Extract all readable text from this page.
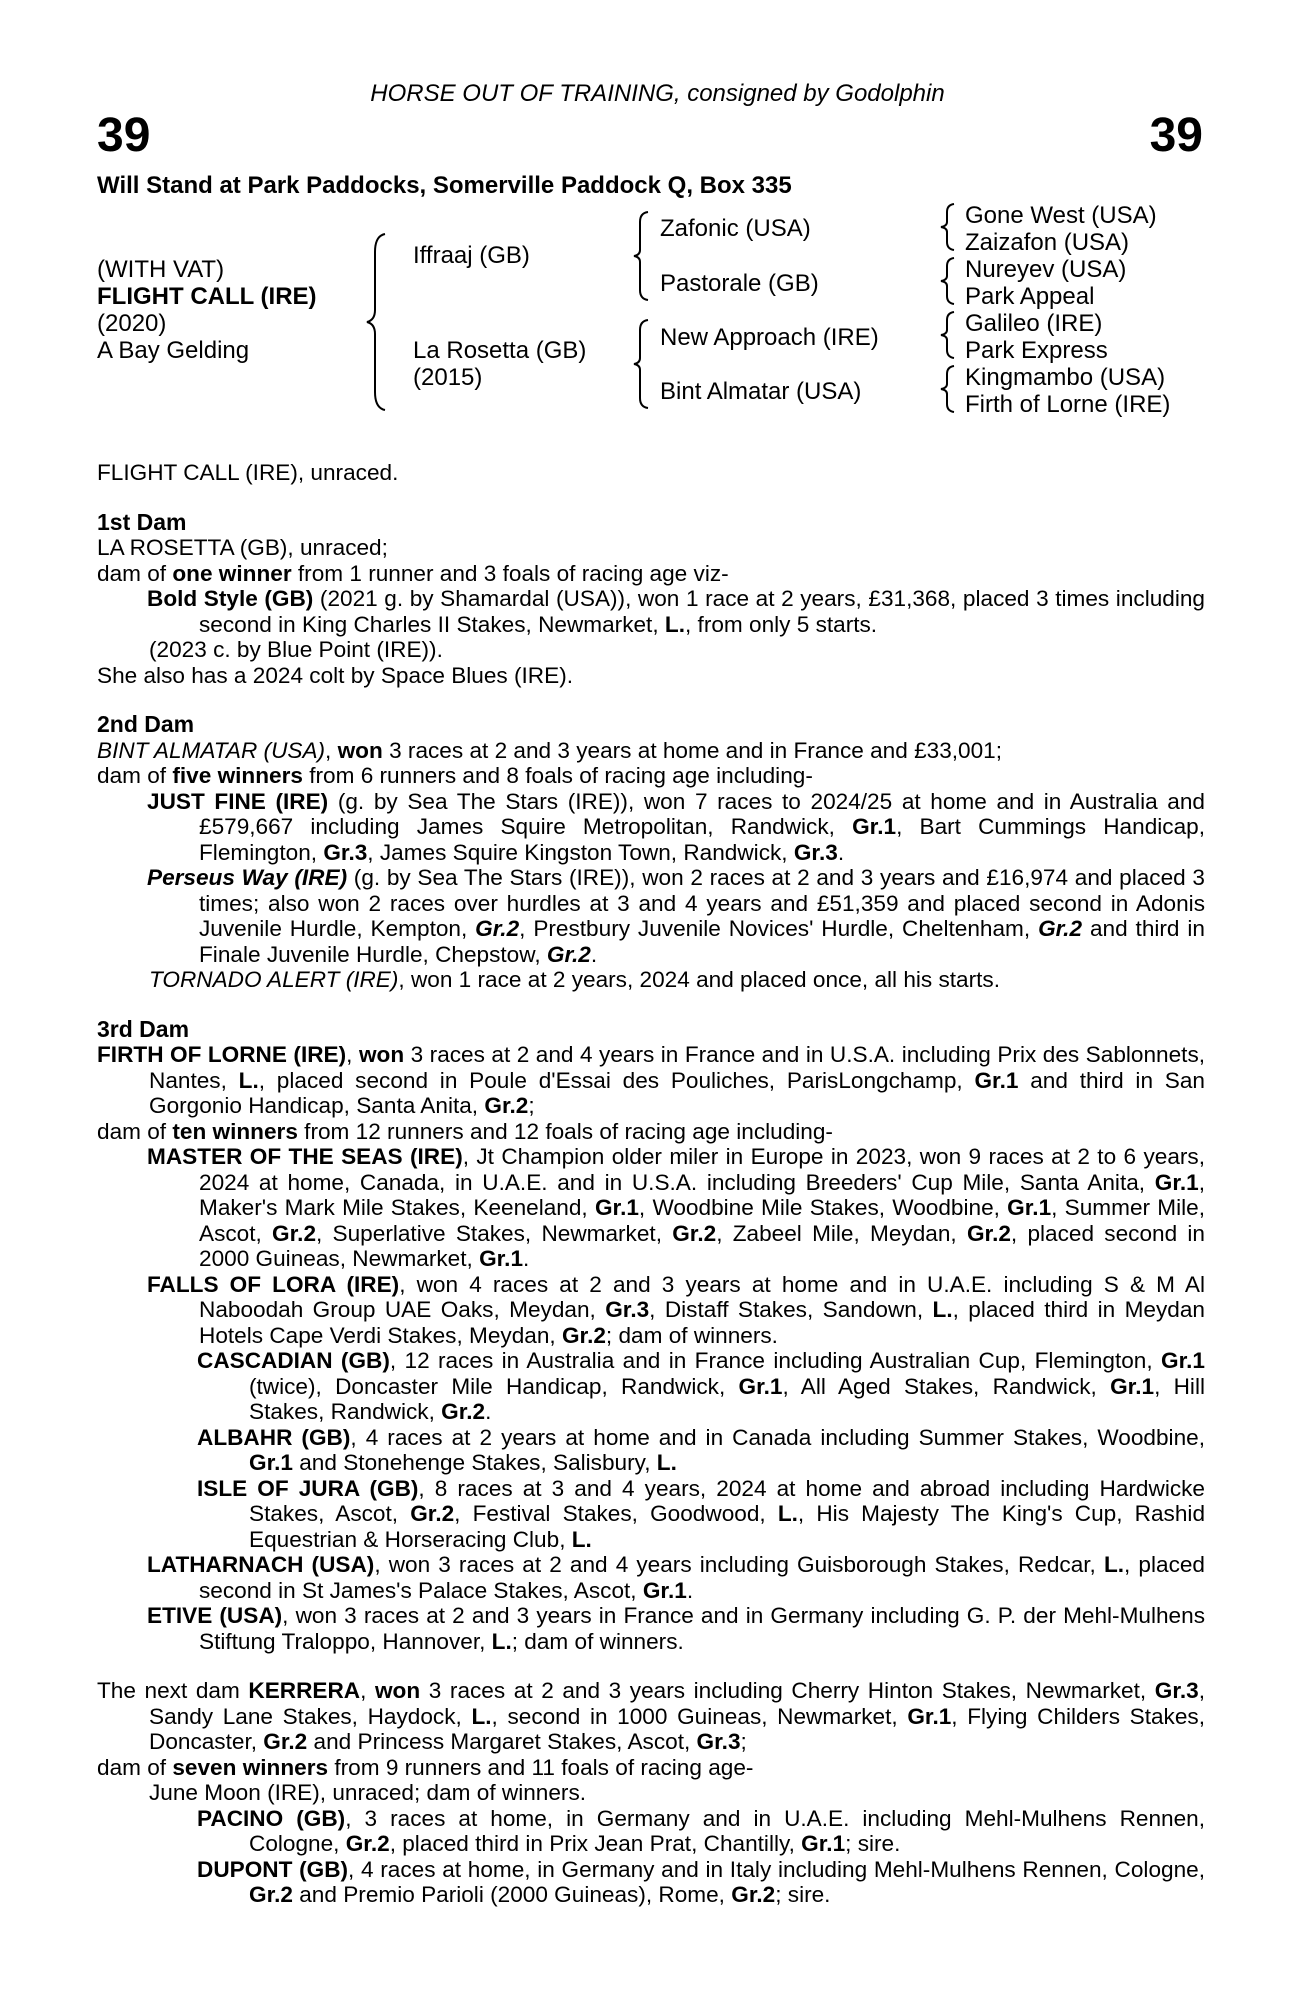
HORSE OUT OF TRAINING, consigned by Godolphin
39	39
Will Stand at Park Paddocks, Somerville Paddock Q, Box 335
(WITH VAT)
FLIGHT CALL (IRE)
(2020)
A Bay Gelding
Iffraaj (GB)
La Rosetta (GB)
(2015)
Zafonic (USA)
Pastorale (GB)
New Approach (IRE)
Bint Almatar (USA)
Gone West (USA)
Zaizafon (USA)
Nureyev (USA)
Park Appeal
Galileo (IRE)
Park Express
Kingmambo (USA)
Firth of Lorne (IRE)

FLIGHT CALL (IRE), unraced.

1st Dam

LA ROSETTA (GB), unraced;

dam of one winner from 1 runner and 3 foals of racing age viz-

Bold Style (GB) (2021 g. by Shamardal (USA)), won 1 race at 2 years, £31,368, placed 3 times including second in King Charles II Stakes, Newmarket, L., from only 5 starts.

(2023 c. by Blue Point (IRE)).

She also has a 2024 colt by Space Blues (IRE).

2nd Dam

BINT ALMATAR (USA), won 3 races at 2 and 3 years at home and in France and £33,001;

dam of five winners from 6 runners and 8 foals of racing age including-

JUST FINE (IRE) (g. by Sea The Stars (IRE)), won 7 races to 2024/25 at home and in Australia and £579,667 including James Squire Metropolitan, Randwick, Gr.1, Bart Cummings Handicap, Flemington, Gr.3, James Squire Kingston Town, Randwick, Gr.3.

Perseus Way (IRE) (g. by Sea The Stars (IRE)), won 2 races at 2 and 3 years and £16,974 and placed 3 times; also won 2 races over hurdles at 3 and 4 years and £51,359 and placed second in Adonis Juvenile Hurdle, Kempton, Gr.2, Prestbury Juvenile Novices' Hurdle, Cheltenham, Gr.2 and third in Finale Juvenile Hurdle, Chepstow, Gr.2.

TORNADO ALERT (IRE), won 1 race at 2 years, 2024 and placed once, all his starts.

3rd Dam

FIRTH OF LORNE (IRE), won 3 races at 2 and 4 years in France and in U.S.A. including Prix des Sablonnets, Nantes, L., placed second in Poule d'Essai des Pouliches, ParisLongchamp, Gr.1 and third in San Gorgonio Handicap, Santa Anita, Gr.2;

dam of ten winners from 12 runners and 12 foals of racing age including-

MASTER OF THE SEAS (IRE), Jt Champion older miler in Europe in 2023, won 9 races at 2 to 6 years, 2024 at home, Canada, in U.A.E. and in U.S.A. including Breeders' Cup Mile, Santa Anita, Gr.1, Maker's Mark Mile Stakes, Keeneland, Gr.1, Woodbine Mile Stakes, Woodbine, Gr.1, Summer Mile, Ascot, Gr.2, Superlative Stakes, Newmarket, Gr.2, Zabeel Mile, Meydan, Gr.2, placed second in 2000 Guineas, Newmarket, Gr.1.

FALLS OF LORA (IRE), won 4 races at 2 and 3 years at home and in U.A.E. including S & M Al Naboodah Group UAE Oaks, Meydan, Gr.3, Distaff Stakes, Sandown, L., placed third in Meydan Hotels Cape Verdi Stakes, Meydan, Gr.2; dam of winners.

CASCADIAN (GB), 12 races in Australia and in France including Australian Cup, Flemington, Gr.1 (twice), Doncaster Mile Handicap, Randwick, Gr.1, All Aged Stakes, Randwick, Gr.1, Hill Stakes, Randwick, Gr.2.

ALBAHR (GB), 4 races at 2 years at home and in Canada including Summer Stakes, Woodbine, Gr.1 and Stonehenge Stakes, Salisbury, L.

ISLE OF JURA (GB), 8 races at 3 and 4 years, 2024 at home and abroad including Hardwicke Stakes, Ascot, Gr.2, Festival Stakes, Goodwood, L., His Majesty The King's Cup, Rashid Equestrian & Horseracing Club, L.

LATHARNACH (USA), won 3 races at 2 and 4 years including Guisborough Stakes, Redcar, L., placed second in St James's Palace Stakes, Ascot, Gr.1.

ETIVE (USA), won 3 races at 2 and 3 years in France and in Germany including G. P. der Mehl-Mulhens Stiftung Traloppo, Hannover, L.; dam of winners.

The next dam KERRERA, won 3 races at 2 and 3 years including Cherry Hinton Stakes, Newmarket, Gr.3, Sandy Lane Stakes, Haydock, L., second in 1000 Guineas, Newmarket, Gr.1, Flying Childers Stakes, Doncaster, Gr.2 and Princess Margaret Stakes, Ascot, Gr.3;

dam of seven winners from 9 runners and 11 foals of racing age-

June Moon (IRE), unraced; dam of winners.

PACINO (GB), 3 races at home, in Germany and in U.A.E. including Mehl-Mulhens Rennen, Cologne, Gr.2, placed third in Prix Jean Prat, Chantilly, Gr.1; sire.

DUPONT (GB), 4 races at home, in Germany and in Italy including Mehl-Mulhens Rennen, Cologne, Gr.2 and Premio Parioli (2000 Guineas), Rome, Gr.2; sire.
